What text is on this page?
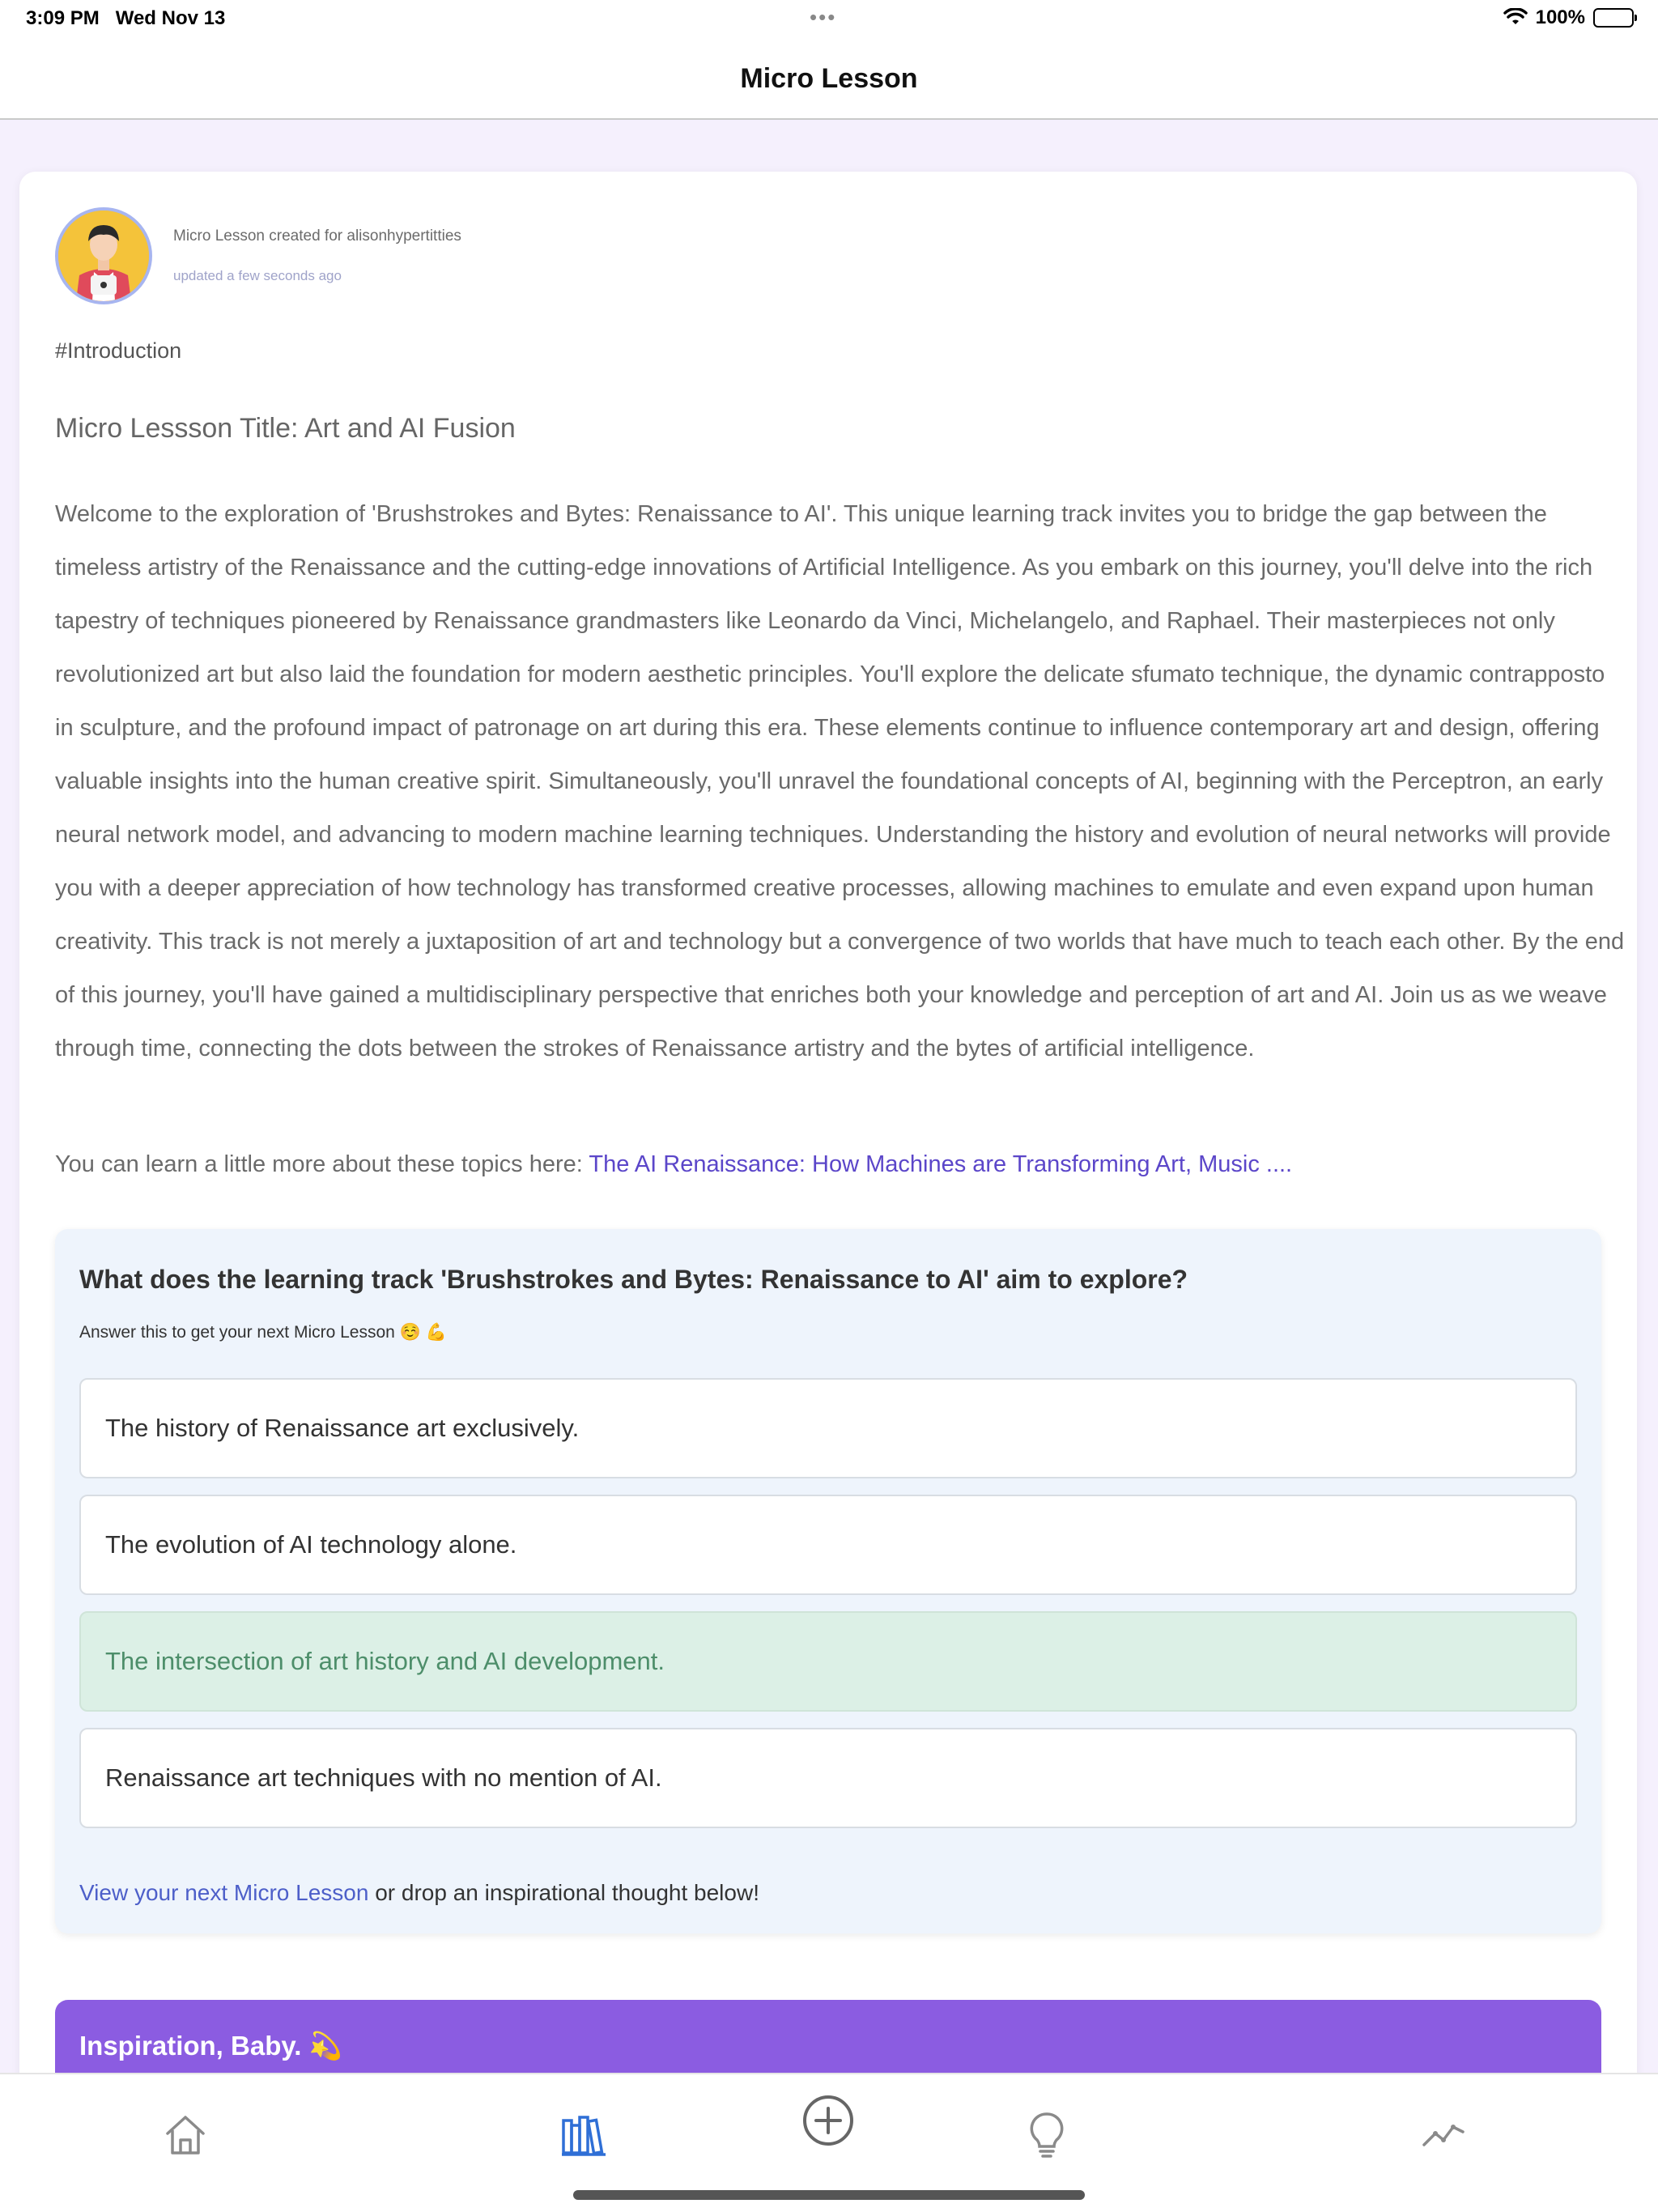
3:09 PM Wed Nov 13	•••	100%
Micro Lesson
Micro Lesson created for alisonhypertitties
updated a few seconds ago
#Introduction
Micro Lessson Title: Art and AI Fusion
Welcome to the exploration of 'Brushstrokes and Bytes: Renaissance to AI'. This unique learning track invites you to bridge the gap between the timeless artistry of the Renaissance and the cutting-edge innovations of Artificial Intelligence. As you embark on this journey, you'll delve into the rich tapestry of techniques pioneered by Renaissance grandmasters like Leonardo da Vinci, Michelangelo, and Raphael. Their masterpieces not only revolutionized art but also laid the foundation for modern aesthetic principles. You'll explore the delicate sfumato technique, the dynamic contrapposto in sculpture, and the profound impact of patronage on art during this era. These elements continue to influence contemporary art and design, offering valuable insights into the human creative spirit. Simultaneously, you'll unravel the foundational concepts of AI, beginning with the Perceptron, an early neural network model, and advancing to modern machine learning techniques. Understanding the history and evolution of neural networks will provide you with a deeper appreciation of how technology has transformed creative processes, allowing machines to emulate and even expand upon human creativity. This track is not merely a juxtaposition of art and technology but a convergence of two worlds that have much to teach each other. By the end of this journey, you'll have gained a multidisciplinary perspective that enriches both your knowledge and perception of art and AI. Join us as we weave through time, connecting the dots between the strokes of Renaissance artistry and the bytes of artificial intelligence.
You can learn a little more about these topics here: The AI Renaissance: How Machines are Transforming Art, Music ....
What does the learning track 'Brushstrokes and Bytes: Renaissance to AI' aim to explore?
Answer this to get your next Micro Lesson ☺️ 💪
The history of Renaissance art exclusively.
The evolution of AI technology alone.
The intersection of art history and AI development.
Renaissance art techniques with no mention of AI.
View your next Micro Lesson or drop an inspirational thought below!
Inspiration, Baby. 💫
